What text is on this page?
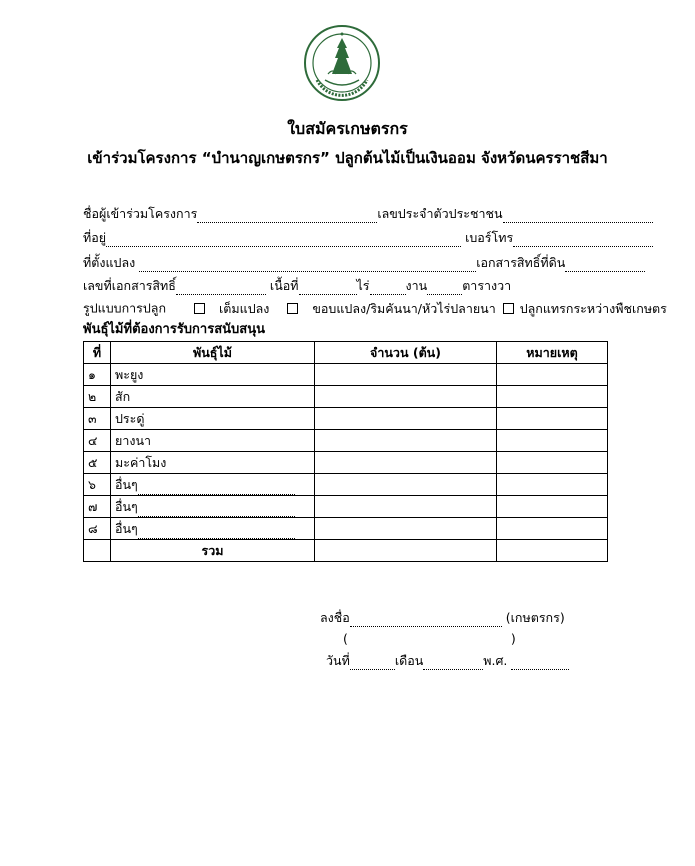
ใบสมัครเกษตรกร
เข้าร่วมโครงการ “บำนาญเกษตรกร” ปลูกต้นไม้เป็นเงินออม จังหวัดนครราชสีมา
ชื่อผู้เข้าร่วมโครงการ	เลขประจำตัวประชาชน
ที่อยู่	เบอร์โทร
ที่ตั้งแปลง	เอกสารสิทธิ์ที่ดิน
เลขที่เอกสารสิทธิ์	เนื้อที่	ไร่	งาน	ตารางวา
รูปแบบการปลูก	เต็มแปลง	ขอบแปลง/ริมคันนา/หัวไร่ปลายนา ปลูกแทรกระหว่างพืชเกษตร
พันธุ์ไม้ที่ต้องการรับการสนับสนุน
ที่	พันธุ์ไม้	จำนวน (ต้น)	หมายเหตุ
๑	พะยูง		
๒	สัก		
๓	ประดู่		
๔	ยางนา		
๕	มะค่าโมง		
๖	อื่นๆ		
๗	อื่นๆ		
๘	อื่นๆ		
	รวม		
ลงชื่อ	(เกษตรกร)
(	)
วันที่	เดือน	พ.ศ.
